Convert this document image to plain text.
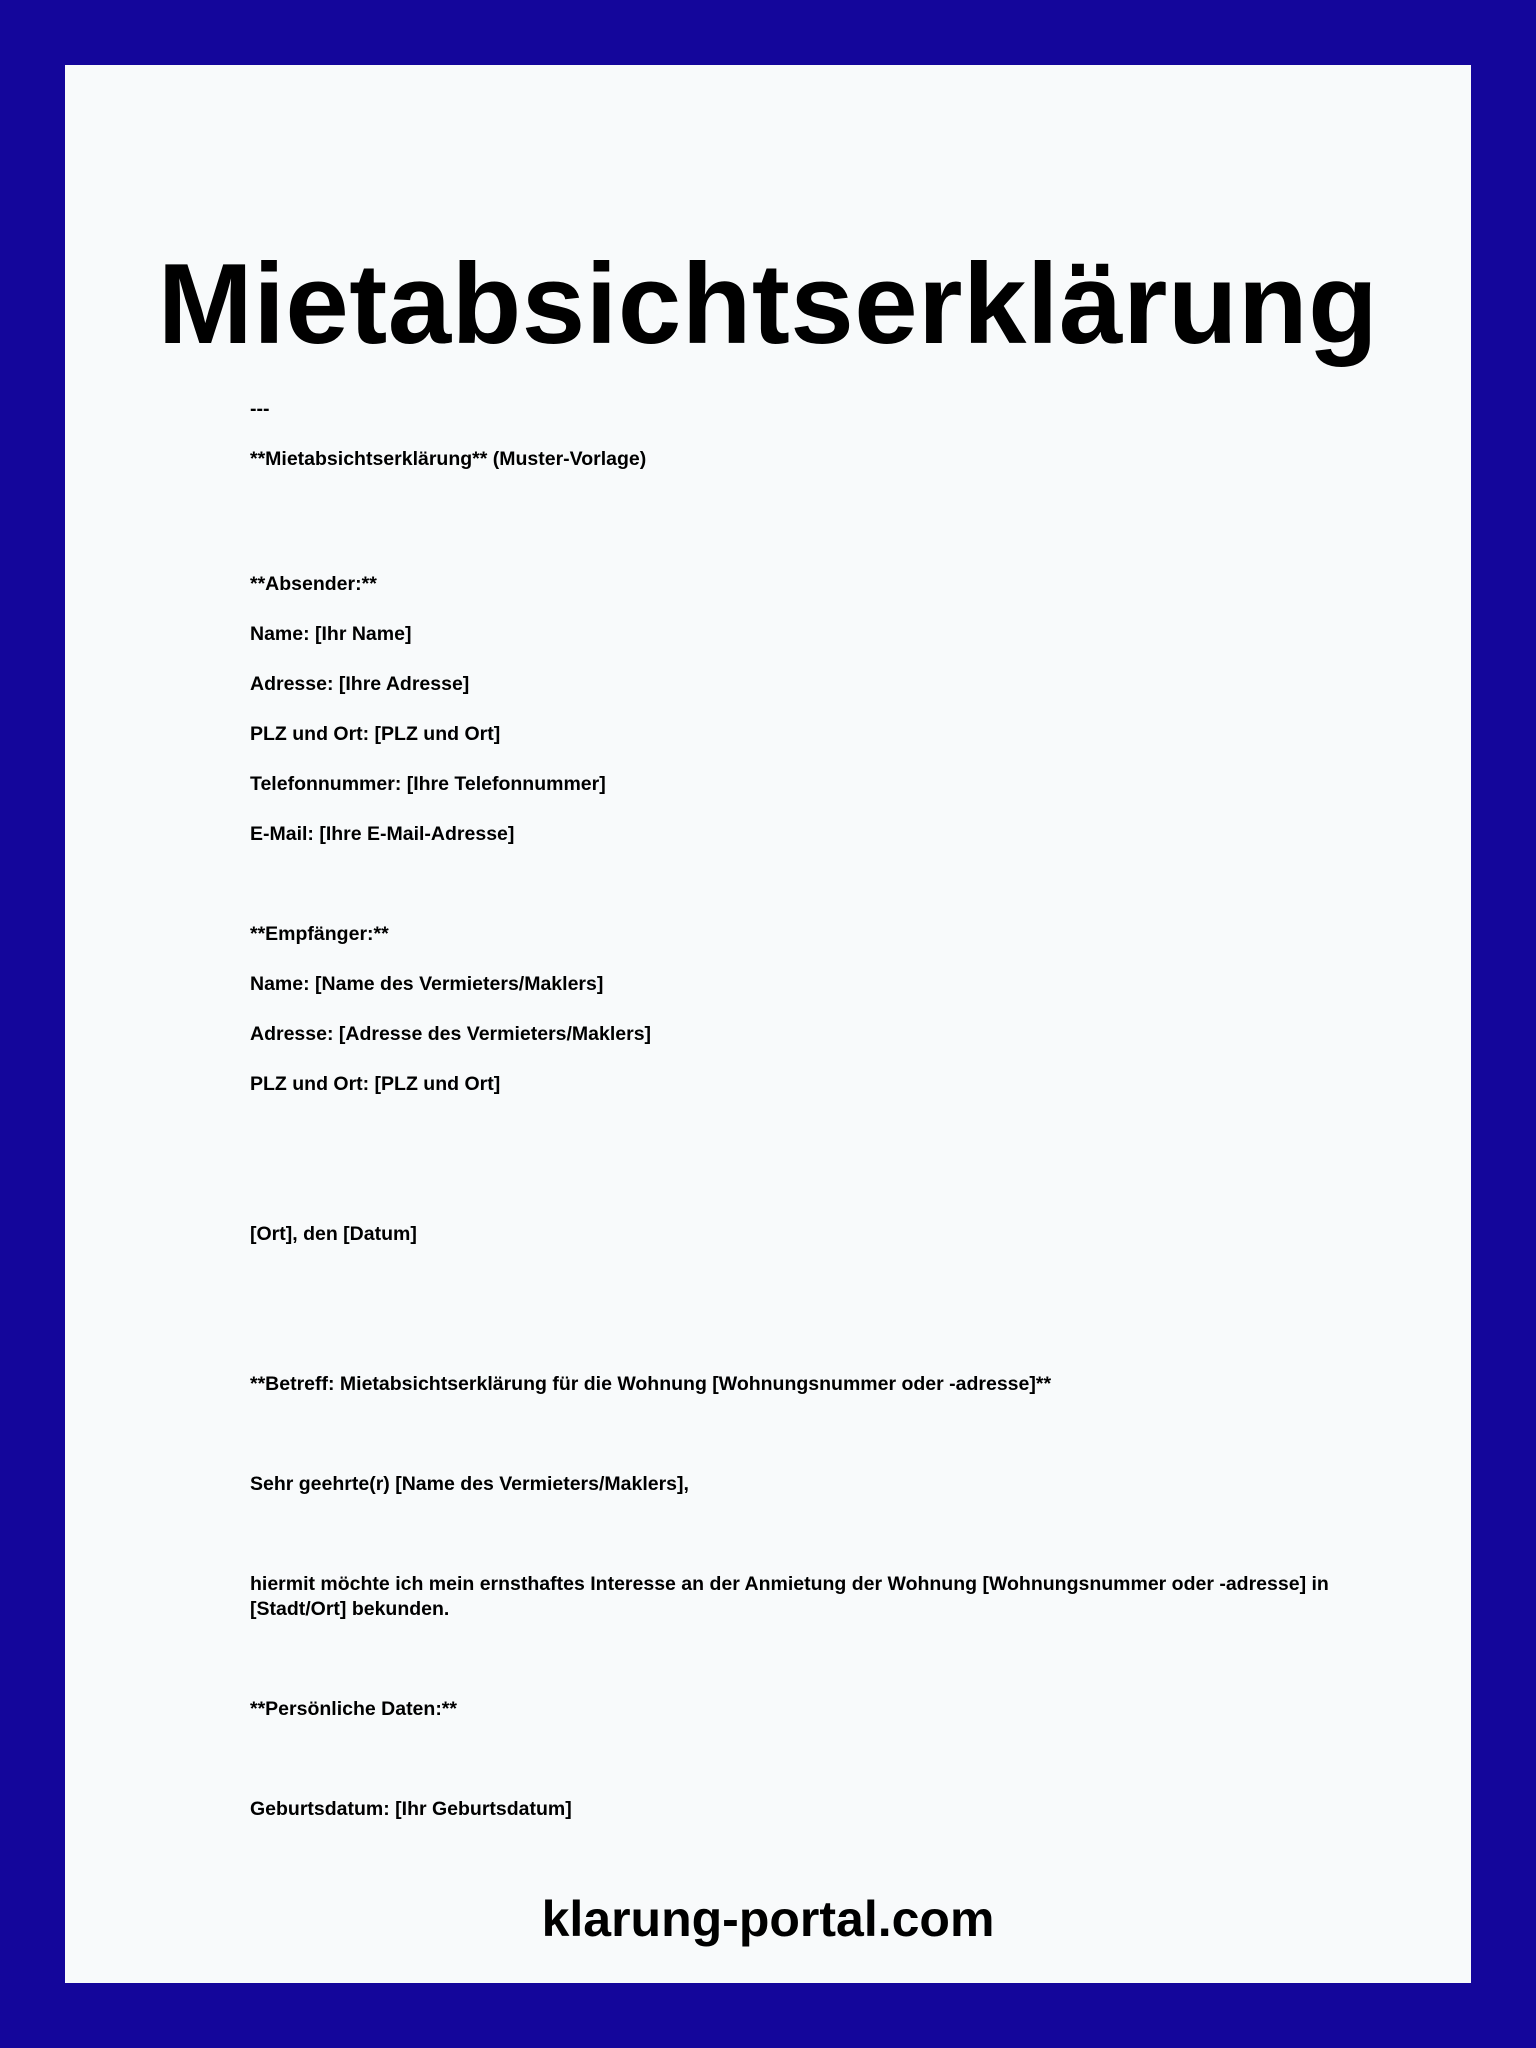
Mietabsichtserklärung

---

**Mietabsichtserklärung** (Muster-Vorlage)

**Absender:**

Name: [Ihr Name]

Adresse: [Ihre Adresse]

PLZ und Ort: [PLZ und Ort]

Telefonnummer: [Ihre Telefonnummer]

E-Mail: [Ihre E-Mail-Adresse]

**Empfänger:**

Name: [Name des Vermieters/Maklers]

Adresse: [Adresse des Vermieters/Maklers]

PLZ und Ort: [PLZ und Ort]

[Ort], den [Datum]

**Betreff: Mietabsichtserklärung für die Wohnung [Wohnungsnummer oder -adresse]**

Sehr geehrte(r) [Name des Vermieters/Maklers],

hiermit möchte ich mein ernsthaftes Interesse an der Anmietung der Wohnung [Wohnungsnummer oder -adresse] in [Stadt/Ort] bekunden.

**Persönliche Daten:**

Geburtsdatum: [Ihr Geburtsdatum]

klarung-portal.com
